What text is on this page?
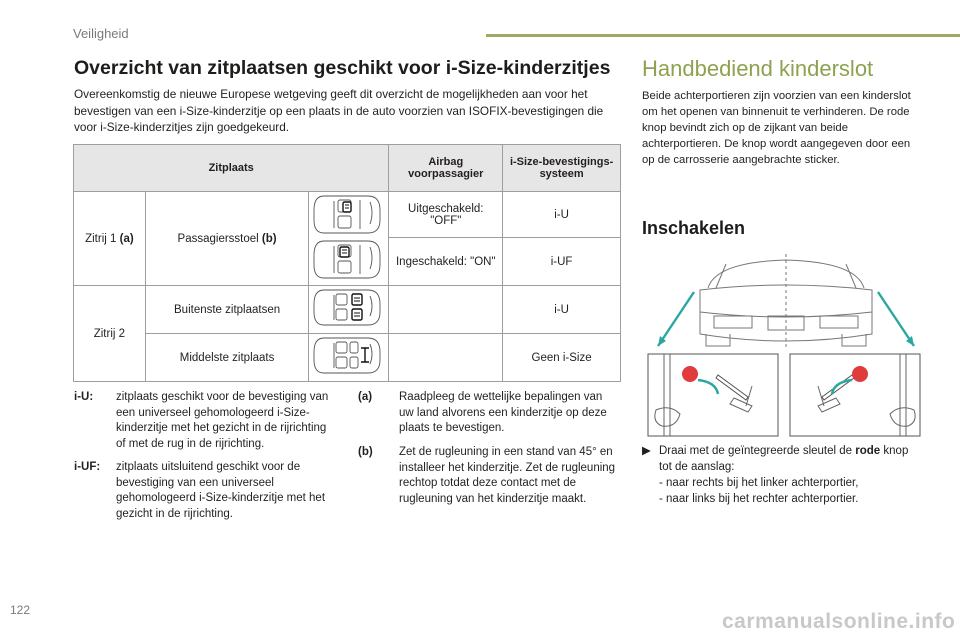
Veiligheid
Overzicht van zitplaatsen geschikt voor i-Size-kinderzitjes
Overeenkomstig de nieuwe Europese wetgeving geeft dit overzicht de mogelijkheden aan voor het bevestigen van een i-Size-kinderzitje op een plaats in de auto voorzien van ISOFIX-bevestigingen die voor i-Size-kinderzitjes zijn goedgekeurd.
Zitplaats			Airbag voorpassagier	i-Size-bevestigings-systeem
Zitrij 1 (a)	Passagiersstoel (b)		Uitgeschakeld: "OFF"	i-U
			Ingeschakeld: "ON"	i-UF
Zitrij 2	Buitenste zitplaatsen			i-U
	Middelste zitplaats			Geen i-Size
i-U: zitplaats geschikt voor de bevestiging van een universeel gehomologeerd i-Size-kinderzitje met het gezicht in de rijrichting of met de rug in de rijrichting.
i-UF: zitplaats uitsluitend geschikt voor de bevestiging van een universeel gehomologeerd i-Size-kinderzitje met het gezicht in de rijrichting.
(a) Raadpleeg de wettelijke bepalingen van uw land alvorens een kinderzitje op deze plaats te bevestigen.
(b) Zet de rugleuning in een stand van 45° en installeer het kinderzitje. Zet de rugleuning rechtop totdat deze contact met de rugleuning van het kinderzitje maakt.
Handbediend kinderslot
Beide achterportieren zijn voorzien van een kinderslot om het openen van binnenuit te verhinderen. De rode knop bevindt zich op de zijkant van beide achterportieren. De knop wordt aangegeven door een op de carrosserie aangebrachte sticker.
Inschakelen
▶ Draai met de geïntegreerde sleutel de rode knop tot de aanslag:
- naar rechts bij het linker achterportier,
- naar links bij het rechter achterportier.
122	carmanualsonline.info
